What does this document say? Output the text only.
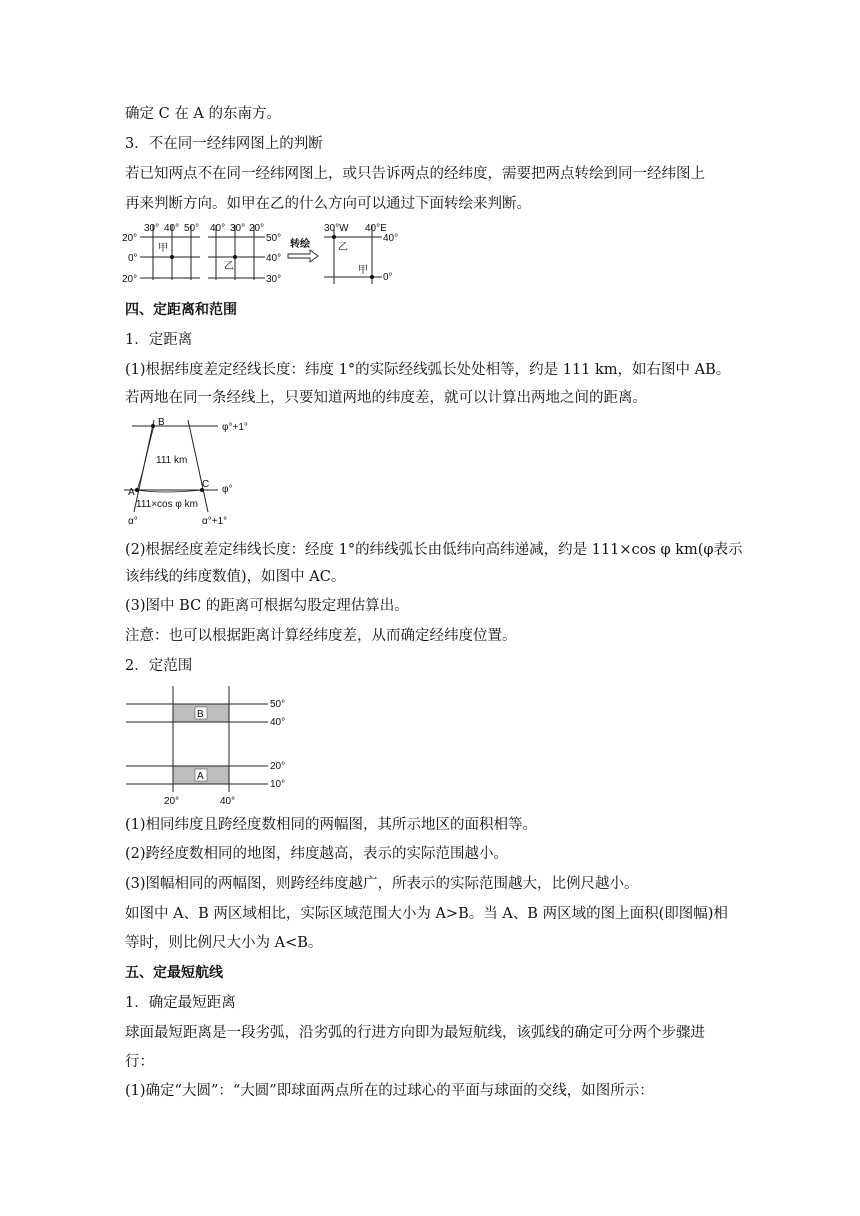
确定 C 在 A 的东南方。
3．不在同一经纬网图上的判断
若已知两点不在同一经纬网图上，或只告诉两点的经纬度，需要把两点转绘到同一经纬图上
再来判断方向。如甲在乙的什么方向可以通过下面转绘来判断。
30° 40° 50°
20°
0°
20°
甲
40° 30° 20°
50°
40°
30°
乙
转绘
30°W 40°E
40°
0°
乙
甲
四、定距离和范围
1．定距离
(1)根据纬度差定经线长度：纬度 1°的实际经线弧长处处相等，约是 111 km，如右图中 AB。
若两地在同一条经线上，只要知道两地的纬度差，就可以计算出两地之间的距离。
B
A
C
φ°+1°
φ°
111 km
111×cos φ km
α°	α°+1°
(2)根据经度差定纬线长度：经度 1°的纬线弧长由低纬向高纬递减，约是 111×cos φ km(φ表示
该纬线的纬度数值)，如图中 AC。
(3)图中 BC 的距离可根据勾股定理估算出。
注意：也可以根据距离计算经纬度差，从而确定经纬度位置。
2．定范围
B
A
50°
40°
20°
10°
20°	40°
(1)相同纬度且跨经度数相同的两幅图，其所示地区的面积相等。
(2)跨经度数相同的地图，纬度越高，表示的实际范围越小。
(3)图幅相同的两幅图，则跨经纬度越广，所表示的实际范围越大，比例尺越小。
如图中 A、B 两区域相比，实际区域范围大小为 A>B。当 A、B 两区域的图上面积(即图幅)相
等时，则比例尺大小为 A<B。
五、定最短航线
1．确定最短距离
球面最短距离是一段劣弧，沿劣弧的行进方向即为最短航线，该弧线的确定可分两个步骤进
行：
(1)确定“大圆”：“大圆”即球面两点所在的过球心的平面与球面的交线，如图所示：
